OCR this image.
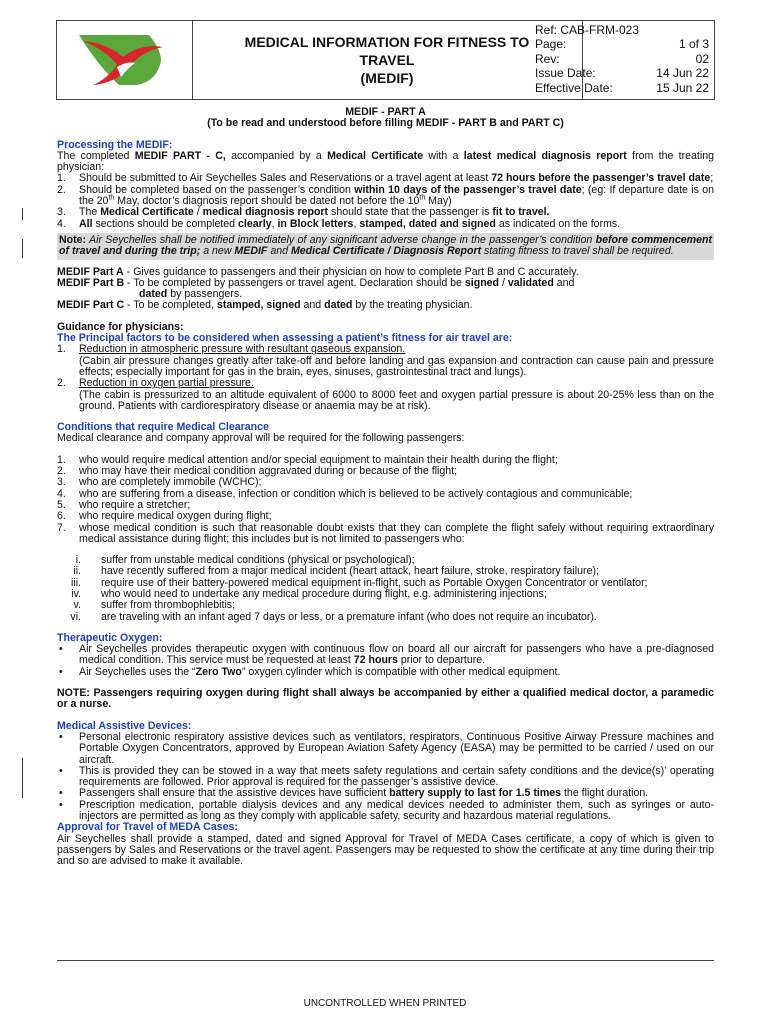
MEDICAL INFORMATION FOR FITNESS TO
TRAVEL
(MEDIF)
Ref: CAB-FRM-023
Page:	1 of 3
Rev:	02
Issue Date:	14 Jun 22
Effective Date:	15 Jun 22

MEDIF - PART A

(To be read and understood before filling MEDIF - PART B and PART C)

Processing the MEDIF:

The completed MEDIF PART - C, accompanied by a Medical Certificate with a latest medical diagnosis report from the treating physician:

1. Should be submitted to Air Seychelles Sales and Reservations or a travel agent at least 72 hours before the passenger’s travel date;
2. Should be completed based on the passenger’s condition within 10 days of the passenger’s travel date; (eg: If departure date is on the 20th May, doctor’s diagnosis report should be dated not before the 10th May)
3. The Medical Certificate / medical diagnosis report should state that the passenger is fit to travel.
4. All sections should be completed clearly, in Block letters, stamped, dated and signed as indicated on the forms.
Note: Air Seychelles shall be notified immediately of any significant adverse change in the passenger’s condition before commencement of travel and during the trip; a new MEDIF and Medical Certificate / Diagnosis Report stating fitness to travel shall be required.

MEDIF Part A - Gives guidance to passengers and their physician on how to complete Part B and C accurately.

MEDIF Part B - To be completed by passengers or travel agent. Declaration should be signed / validated and

dated by passengers.

MEDIF Part C - To be completed, stamped, signed and dated by the treating physician.

Guidance for physicians:

The Principal factors to be considered when assessing a patient’s fitness for air travel are:

1. Reduction in atmospheric pressure with resultant gaseous expansion.
(Cabin air pressure changes greatly after take-off and before landing and gas expansion and contraction can cause pain and pressure effects; especially important for gas in the brain, eyes, sinuses, gastrointestinal tract and lungs).
2. Reduction in oxygen partial pressure.
(The cabin is pressurized to an altitude equivalent of 6000 to 8000 feet and oxygen partial pressure is about 20-25% less than on the ground. Patients with cardiorespiratory disease or anaemia may be at risk).

Conditions that require Medical Clearance

Medical clearance and company approval will be required for the following passengers:

1. who would require medical attention and/or special equipment to maintain their health during the flight;
2. who may have their medical condition aggravated during or because of the flight;
3. who are completely immobile (WCHC);
4. who are suffering from a disease, infection or condition which is believed to be actively contagious and communicable;
5. who require a stretcher;
6. who require medical oxygen during flight;
7. whose medical condition is such that reasonable doubt exists that they can complete the flight safely without requiring extraordinary medical assistance during flight; this includes but is not limited to passengers who:
i. suffer from unstable medical conditions (physical or psychological);
ii. have recently suffered from a major medical incident (heart attack, heart failure, stroke, respiratory failure);
iii. require use of their battery-powered medical equipment in-flight, such as Portable Oxygen Concentrator or ventilator;
iv. who would need to undertake any medical procedure during flight, e.g. administering injections;
v. suffer from thrombophlebitis;
vi. are traveling with an infant aged 7 days or less, or a premature infant (who does not require an incubator).

Therapeutic Oxygen:

• Air Seychelles provides therapeutic oxygen with continuous flow on board all our aircraft for passengers who have a pre-diagnosed medical condition. This service must be requested at least 72 hours prior to departure.
• Air Seychelles uses the “Zero Two” oxygen cylinder which is compatible with other medical equipment.

NOTE: Passengers requiring oxygen during flight shall always be accompanied by either a qualified medical doctor, a paramedic or a nurse.

Medical Assistive Devices:

• Personal electronic respiratory assistive devices such as ventilators, respirators, Continuous Positive Airway Pressure machines and Portable Oxygen Concentrators, approved by European Aviation Safety Agency (EASA) may be permitted to be carried / used on our aircraft.
• This is provided they can be stowed in a way that meets safety regulations and certain safety conditions and the device(s)’ operating requirements are followed. Prior approval is required for the passenger’s assistive device.
• Passengers shall ensure that the assistive devices have sufficient battery supply to last for 1.5 times the flight duration.
• Prescription medication, portable dialysis devices and any medical devices needed to administer them, such as syringes or auto-injectors are permitted as long as they comply with applicable safety, security and hazardous material regulations.

Approval for Travel of MEDA Cases:

Air Seychelles shall provide a stamped, dated and signed Approval for Travel of MEDA Cases certificate, a copy of which is given to passengers by Sales and Reservations or the travel agent. Passengers may be requested to show the certificate at any time during their trip and so are advised to make it available.

UNCONTROLLED WHEN PRINTED
